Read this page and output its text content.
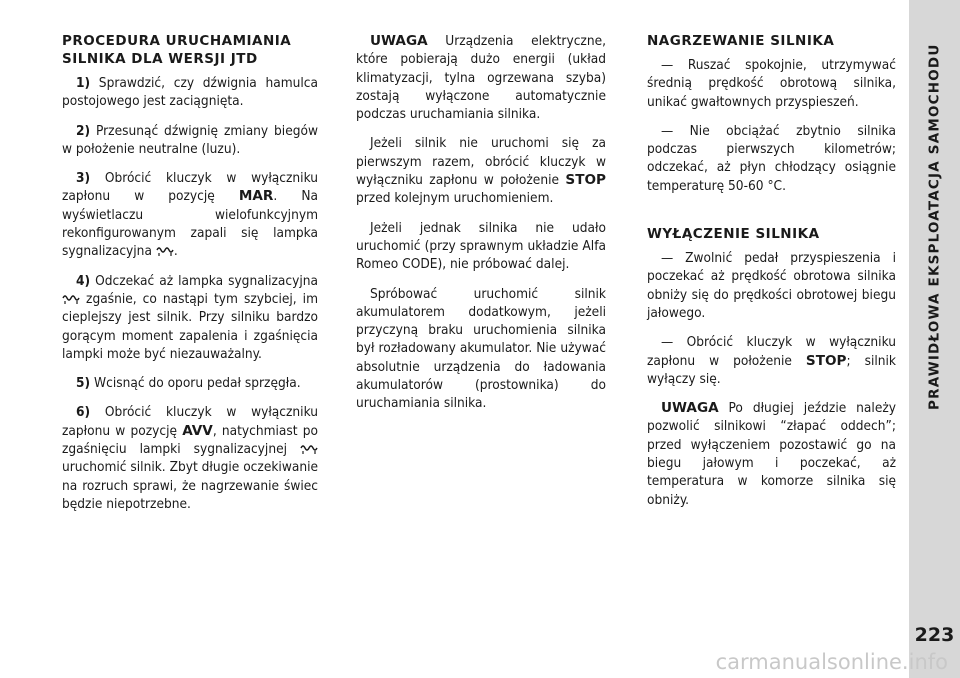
PROCEDURA URUCHAMIANIA
SILNIKA DLA WERSJI JTD

1) Sprawdzić, czy dźwignia hamulca postojowego jest zaciągnięta.

2) Przesunąć dźwignię zmiany biegów w położenie neutralne (luzu).

3) Obrócić kluczyk w wyłączniku zapłonu w pozycję MAR. Na wyświetlaczu wielofunkcyjnym rekonfigurowanym zapali się lampka sygnalizacyjna .

4) Odczekać aż lampka sygnalizacyjna  zgaśnie, co nastąpi tym szybciej, im cieplejszy jest silnik. Przy silniku bardzo gorącym moment zapalenia i zgaśnięcia lampki może być niezauważalny.

5) Wcisnąć do oporu pedał sprzęgła.

6) Obrócić kluczyk w wyłączniku zapłonu w pozycję AVV, natychmiast po zgaśnięciu lampki sygnalizacyjnej  uruchomić silnik. Zbyt długie oczekiwanie na rozruch sprawi, że nagrzewanie świec będzie niepotrzebne.

UWAGA Urządzenia elektryczne, które pobierają dużo energii (układ klimatyzacji, tylna ogrzewana szyba) zostają wyłączone automatycznie podczas uruchamiania silnika.

Jeżeli silnik nie uruchomi się za pierwszym razem, obrócić kluczyk w wyłączniku zapłonu w położenie STOP przed kolejnym uruchomieniem.

Jeżeli jednak silnika nie udało uruchomić (przy sprawnym układzie Alfa Romeo CODE), nie próbować dalej.

Spróbować uruchomić silnik akumulatorem dodatkowym, jeżeli przyczyną braku uruchomienia silnika był rozładowany akumulator. Nie używać absolutnie urządzenia do ładowania akumulatorów (prostownika) do uruchamiania silnika.

NAGRZEWANIE SILNIKA

— Ruszać spokojnie, utrzymywać średnią prędkość obrotową silnika, unikać gwałtownych przyspieszeń.

— Nie obciążać zbytnio silnika podczas pierwszych kilometrów; odczekać, aż płyn chłodzący osiągnie temperaturę 50-60 °C.

WYŁĄCZENIE SILNIKA

— Zwolnić pedał przyspieszenia i poczekać aż prędkość obrotowa silnika obniży się do prędkości obrotowej biegu jałowego.

— Obrócić kluczyk w wyłączniku zapłonu w położenie STOP; silnik wyłączy się.

UWAGA Po długiej jeździe należy pozwolić silnikowi “złapać oddech”; przed wyłączeniem pozostawić go na biegu jałowym i poczekać, aż temperatura w komorze silnika się obniży.

PRAWIDŁOWA EKSPLOATACJA SAMOCHODU
223
carmanualsonline.info
